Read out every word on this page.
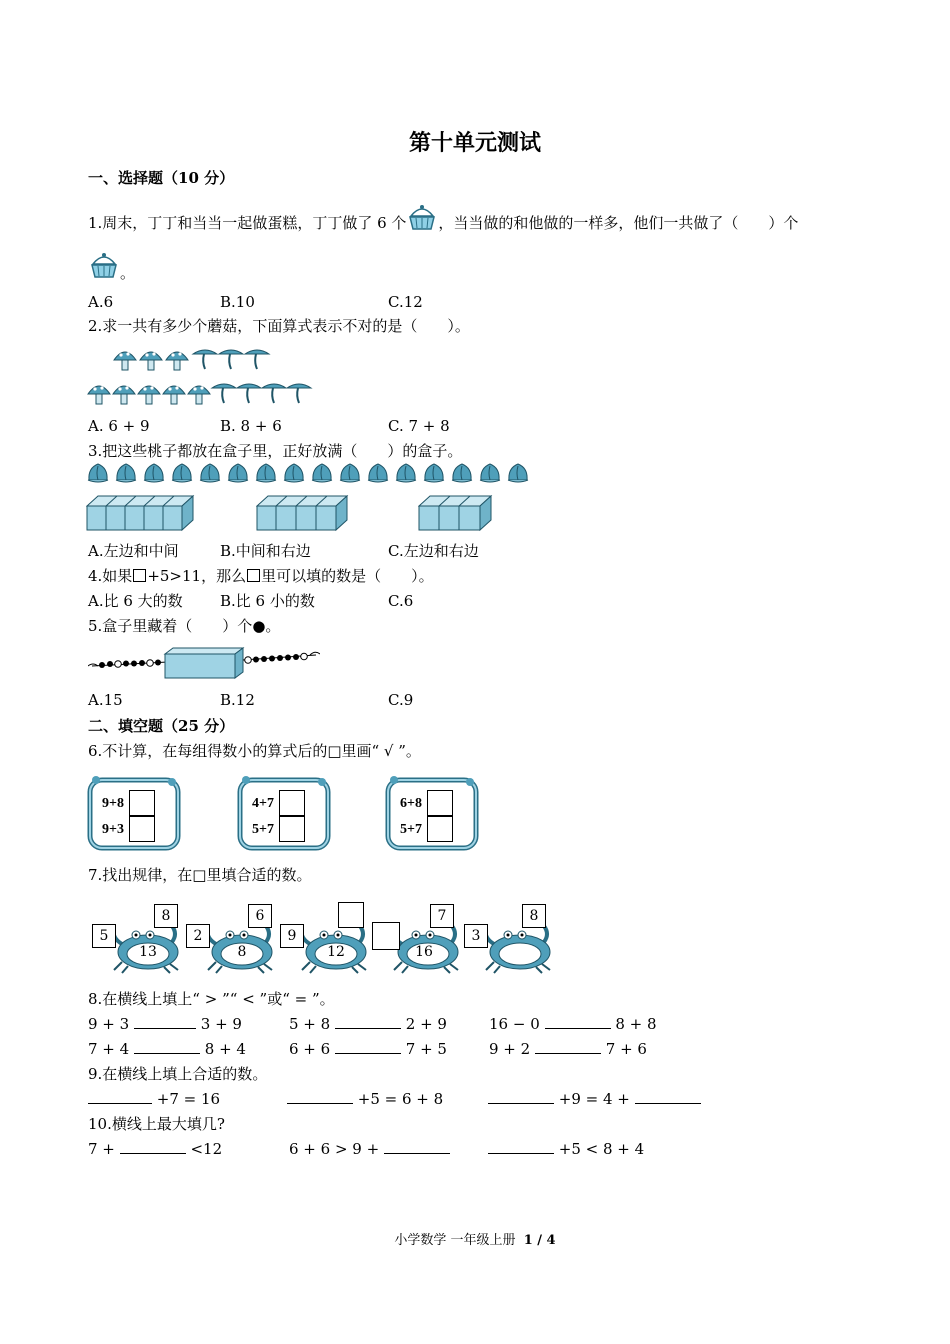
第十单元测试
一、选择题（10 分）
1.周末，丁丁和当当一起做蛋糕，丁丁做了 6 个 ，当当做的和他做的一样多，他们一共做了（　　）个
。
A.6	B.10	C.12
2.求一共有多少个蘑菇，下面算式表示不对的是（　　）。
A. 6 + 9	B. 8 + 6	C. 7 + 8
3.把这些桃子都放在盒子里，正好放满（　　）的盒子。
A.左边和中间	B.中间和右边	C.左边和右边
4.如果 +5>11，那么 里可以填的数是（　　）。
A.比 6 大的数 B.比 6 小的数	C.6
5.盒子里藏着（　　）个●。
A.15	B.12	C.9
二、填空题（25 分）
6.不计算，在每组得数小的算式后的□里画“ √ ”。
9+8
9+3
4+7
5+7
6+8
5+7
7.找出规律，在□里填合适的数。
5
8
13
2
6
8
9
12
7
16
3
8
8.在横线上填上“ > ”“ < ”或“ = ”。
9 + 3	3 + 9	5 + 8	2 + 9	16 − 0	8 + 8
7 + 4	8 + 4	6 + 6	7 + 5	9 + 2	7 + 6
9.在横线上填上合适的数。
+7 = 16	+5 = 6 + 8	+9 = 4 +
10.横线上最大填几?
7 +	<12	6 + 6 > 9 +	+5 < 8 + 4
小学数学 一年级上册 1 / 4
